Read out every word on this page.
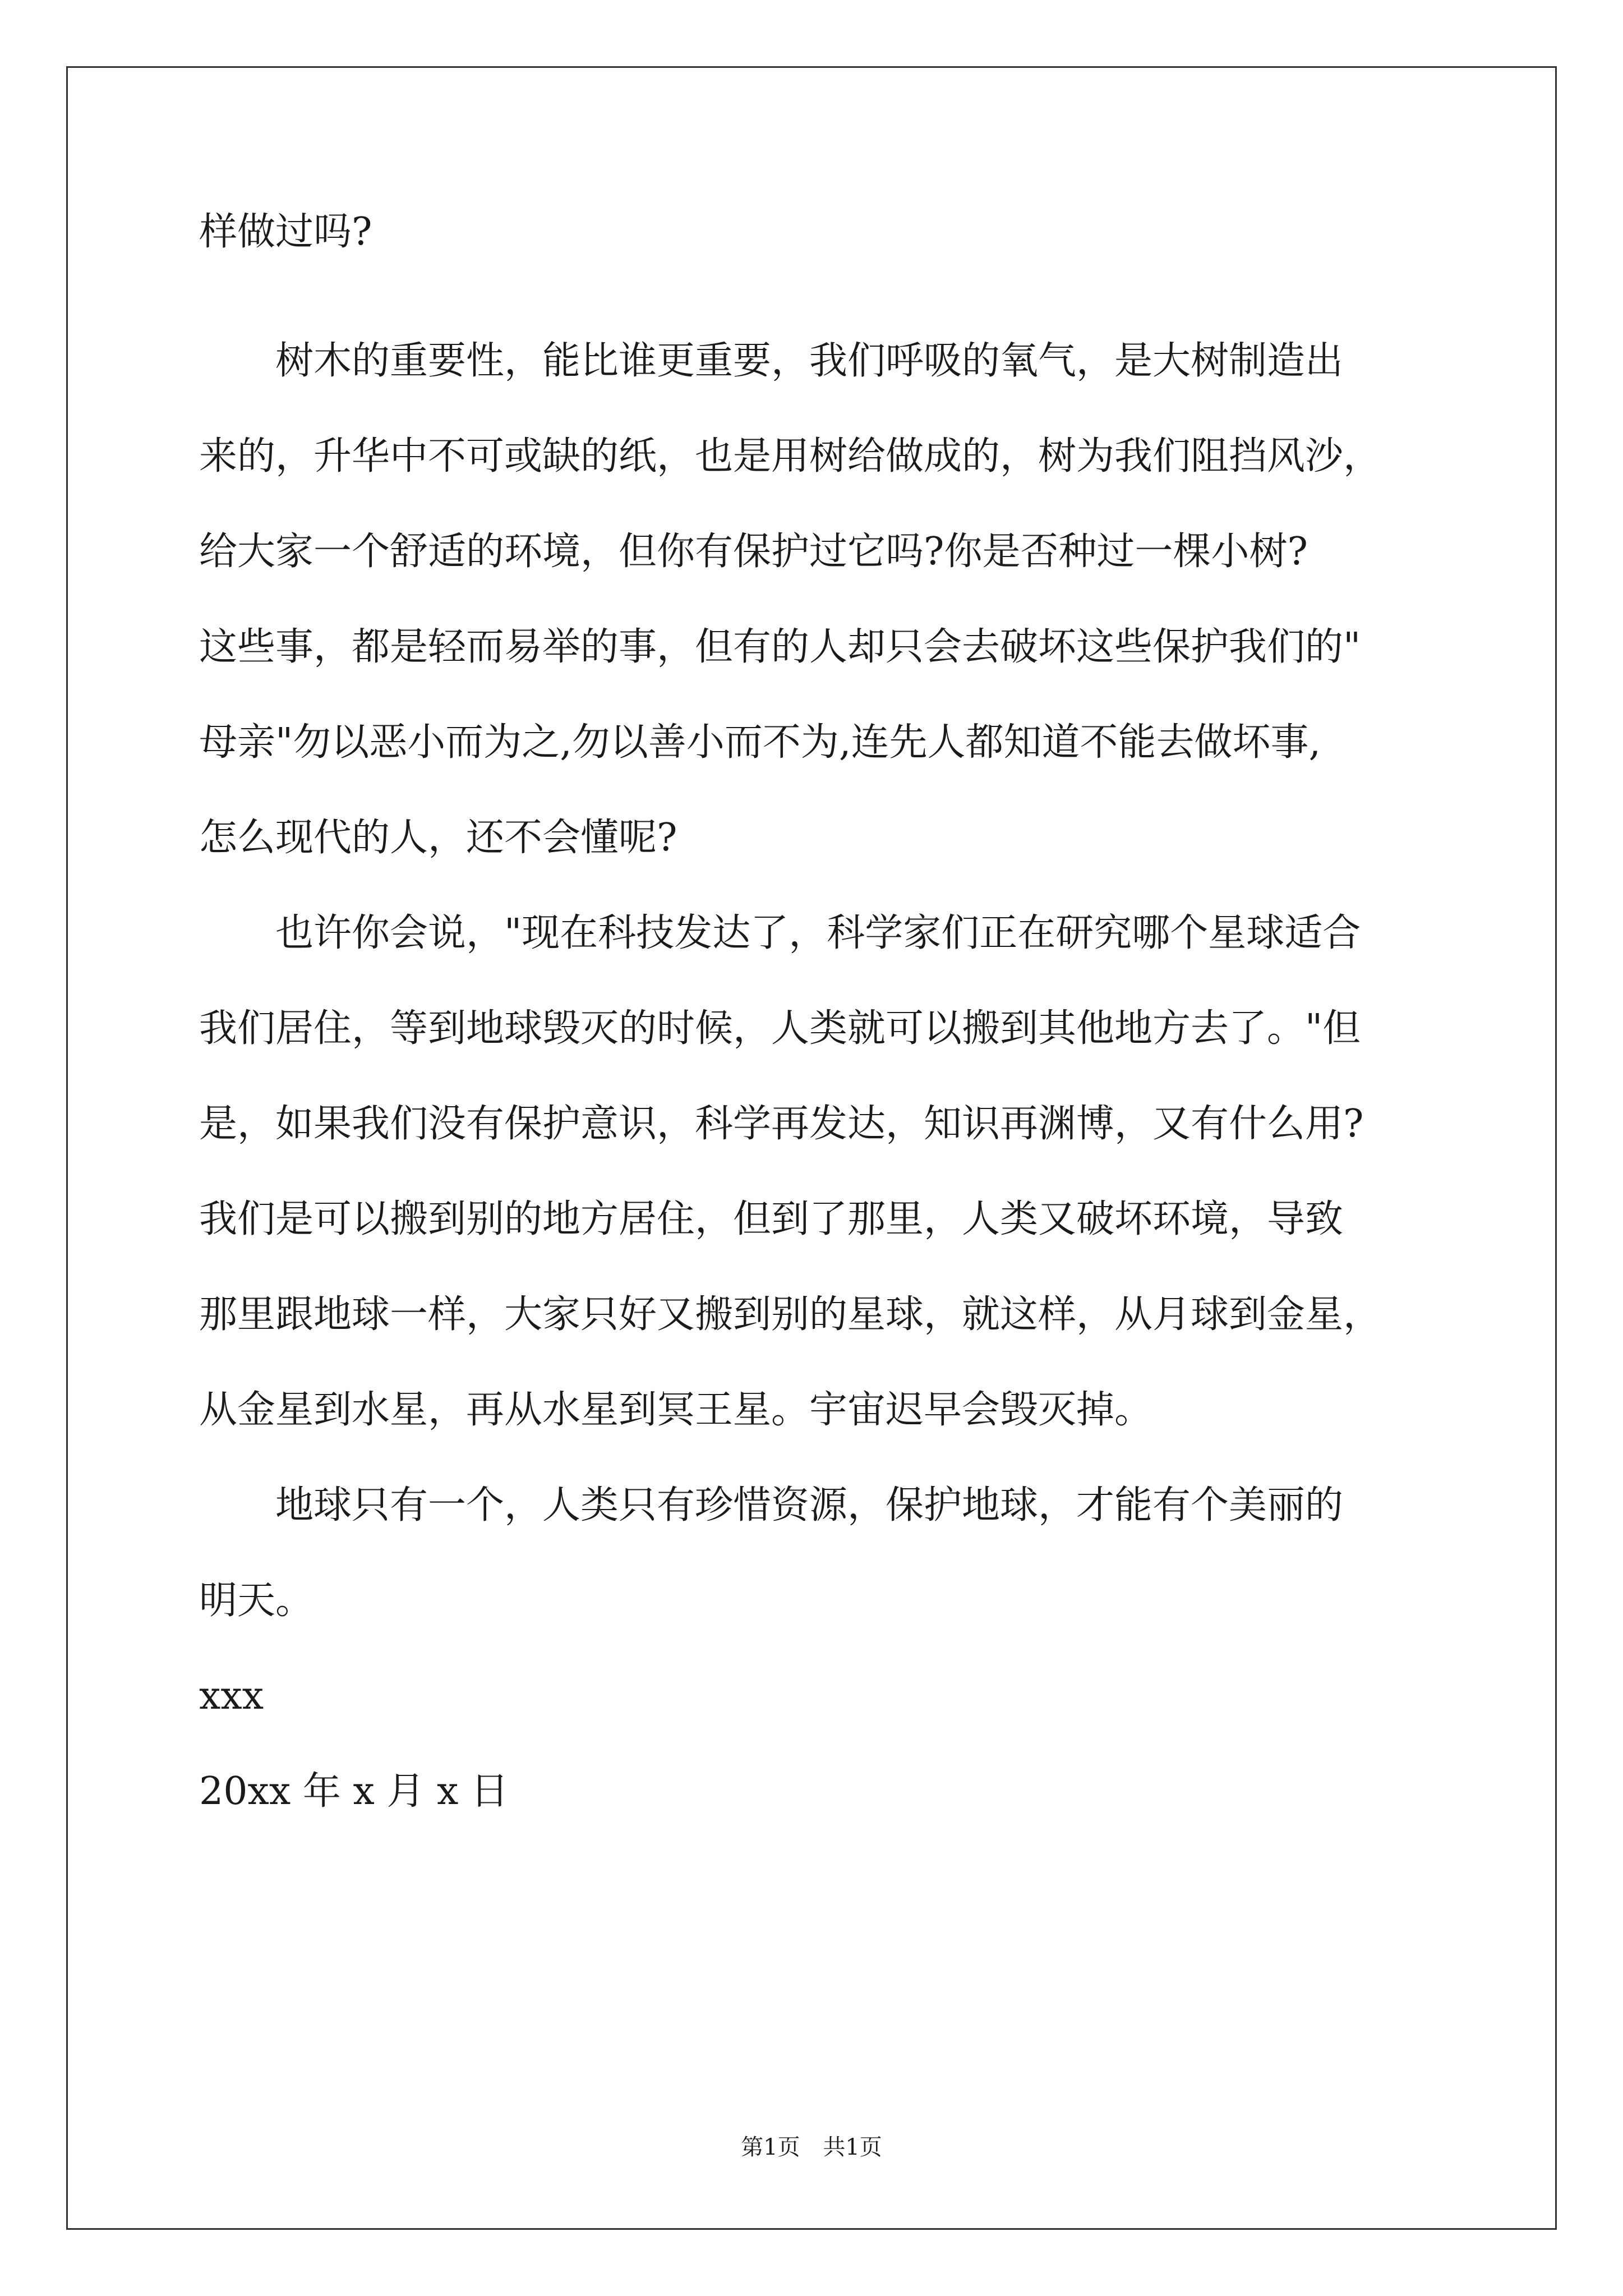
样做过吗?
　　树木的重要性，能比谁更重要，我们呼吸的氧气，是大树制造出
来的，升华中不可或缺的纸，也是用树给做成的，树为我们阻挡风沙，
给大家一个舒适的环境，但你有保护过它吗?你是否种过一棵小树?
这些事，都是轻而易举的事，但有的人却只会去破坏这些保护我们的"
母亲"勿以恶小而为之,勿以善小而不为,连先人都知道不能去做坏事,
怎么现代的人，还不会懂呢?
　　也许你会说，"现在科技发达了，科学家们正在研究哪个星球适合
我们居住，等到地球毁灭的时候，人类就可以搬到其他地方去了。"但
是，如果我们没有保护意识，科学再发达，知识再渊博，又有什么用?
我们是可以搬到别的地方居住，但到了那里，人类又破坏环境，导致
那里跟地球一样，大家只好又搬到别的星球，就这样，从月球到金星，
从金星到水星，再从水星到冥王星。宇宙迟早会毁灭掉。
　　地球只有一个，人类只有珍惜资源，保护地球，才能有个美丽的
明天。
xxx
20xx 年 x 月 x 日
第1页 共1页
